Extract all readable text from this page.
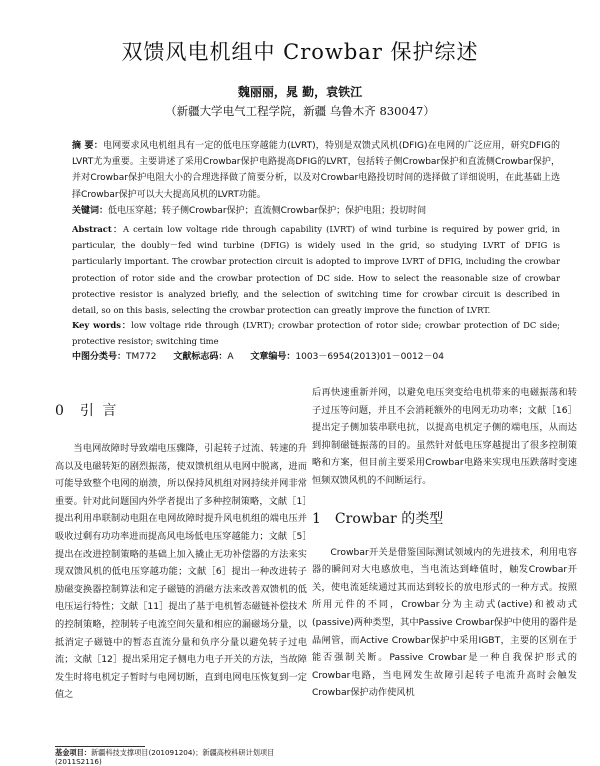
双馈风电机组中 Crowbar 保护综述

魏丽丽，晁 勤，袁铁江

（新疆大学电气工程学院，新疆 乌鲁木齐 830047）

摘 要：电网要求风电机组具有一定的低电压穿越能力(LVRT)，特别是双馈式风机(DFIG)在电网的广泛应用，研究DFIG的LVRT尤为重要。主要讲述了采用Crowbar保护电路提高DFIG的LVRT，包括转子侧Crowbar保护和直流侧Crowbar保护，并对Crowbar保护电阻大小的合理选择做了简要分析，以及对Crowbar电路投切时间的选择做了详细说明，在此基础上选择Crowbar保护可以大大提高风机的LVRT功能。

关键词：低电压穿越；转子侧Crowbar保护；直流侧Crowbar保护；保护电阻；投切时间

Abstract：A certain low voltage ride through capability (LVRT) of wind turbine is required by power grid, in particular, the doubly－fed wind turbine (DFIG) is widely used in the grid, so studying LVRT of DFIG is particularly important. The crowbar protection circuit is adopted to improve LVRT of DFIG, including the crowbar protection of rotor side and the crowbar protection of DC side. How to select the reasonable size of crowbar protective resistor is analyzed briefly, and the selection of switching time for crowbar circuit is described in detail, so on this basis, selecting the crowbar protection can greatly improve the function of LVRT.

Key words：low voltage ride through (LVRT); crowbar protection of rotor side; crowbar protection of DC side; protective resistor; switching time

中图分类号：TM772 文献标志码：A 文章编号：1003－6954(2013)01－0012－04

0 引 言

当电网故障时导致端电压骤降，引起转子过流、转速的升高以及电磁转矩的剧烈振荡，使双馈机组从电网中脱离，进而可能导致整个电网的崩溃，所以保持风机组对网持续并网非常重要。针对此问题国内外学者提出了多种控制策略，文献［1］提出利用串联制动电阻在电网故障时提升风电机组的端电压并吸收过剩有功功率进而提高风电场低电压穿越能力；文献［5］提出在改进控制策略的基础上加入撬止无功补偿器的方法来实现双馈风机的低电压穿越功能；文献［6］提出一种改进转子励磁变换器控制算法和定子磁链的消磁方法来改善双馈机的低电压运行特性；文献［11］提出了基于电机暂态磁链补偿技术的控制策略，控制转子电流空间矢量和相应的漏磁场分量，以抵消定子磁链中的暂态直流分量和负序分量以避免转子过电流；文献［12］提出采用定子侧电力电子开关的方法，当故障发生时将电机定子暂时与电网切断，直到电网电压恢复到一定值之

后再快速重新并网，以避免电压突变给电机带来的电磁振荡和转子过压等问题，并且不会消耗额外的电网无功功率；文献［16］提出定子侧加装串联电抗，以提高电机定子侧的端电压，从而达到抑制磁链振荡的目的。虽然针对低电压穿越提出了很多控制策略和方案，但目前主要采用Crowbar电路来实现电压跌落时变速恒频双馈风机的不间断运行。

1 Crowbar 的类型

Crowbar开关是借鉴国际测试领域内的先进技术，利用电容器的瞬间对大电感放电，当电流达到峰值时，触发Crowbar开关，使电流延续通过其而达到较长的放电形式的一种方式。按照所用元件的不同，Crowbar分为主动式(active)和被动式(passive)两种类型，其中Passive Crowbar保护中使用的器件是晶闸管，而Active Crowbar保护中采用IGBT，主要的区别在于能否强制关断。Passive Crowbar是一种自我保护形式的Crowbar电路，当电网发生故障引起转子电流升高时会触发Crowbar保护动作使风机

基金项目：新疆科技支撑项目(201091204)；新疆高校科研计划项目(2011S2116)
